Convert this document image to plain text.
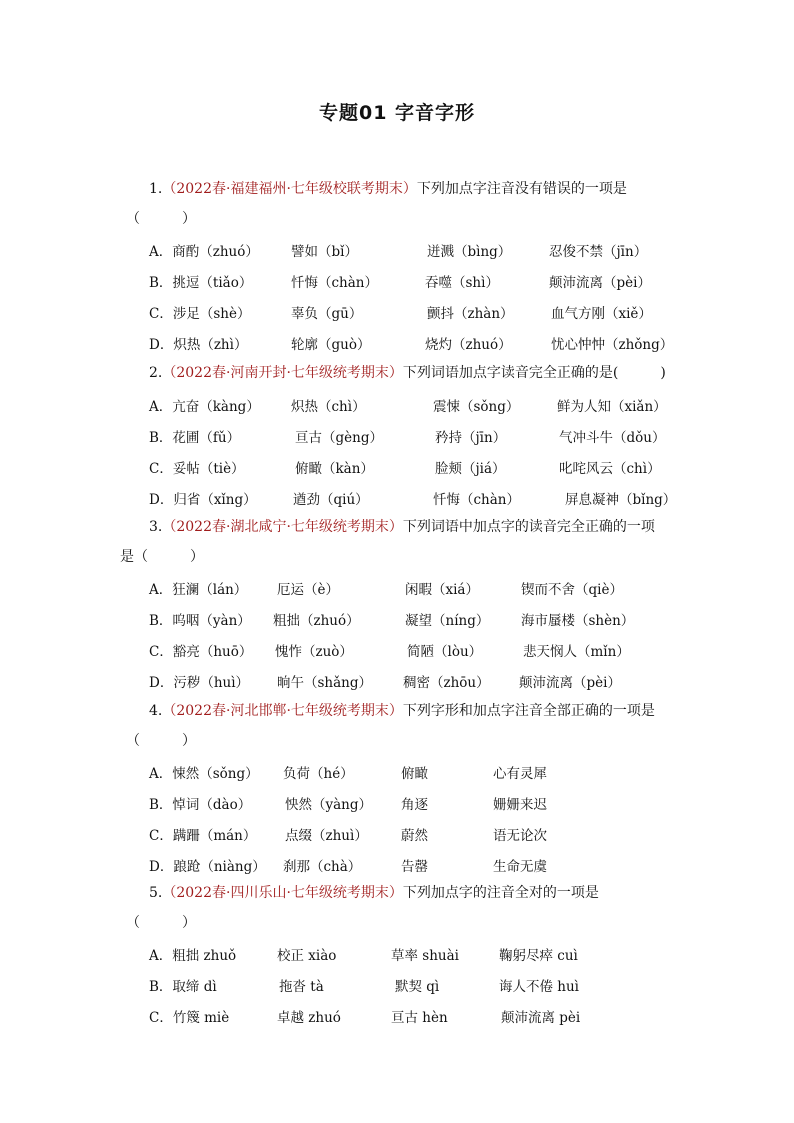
专题01 字音字形
1.（2022春·福建福州·七年级校联考期末）下列加点字注音没有错误的一项是
（　　　）
A．商酌（zhuó） 譬如（bǐ）	迸溅（bìng）	忍俊不禁（jīn）
B．挑逗（tiǎo）	忏悔（chàn）	吞噬（shì）	颠沛流离（pèi）
C．涉足（shè）	辜负（gū）	颤抖（zhàn）	血气方刚（xiě）
D．炽热（zhì）	轮廓（guò）	烧灼（zhuó）	忧心忡忡（zhǒng）
2.（2022春·河南开封·七年级统考期末）下列词语加点字读音完全正确的是(　　　)
A．亢奋（kàng） 炽热（chì）	震悚（sǒng）	鲜为人知（xiǎn）
B．花圃（fǔ）	亘古（gèng）	矜持（jīn）	气冲斗牛（dǒu）
C．妥帖（tiè）	俯瞰（kàn）	脸颊（jiá）	叱咤风云（chì）
D．归省（xǐng）	遒劲（qiú）	忏悔（chàn）	屏息凝神（bǐng）
3.（2022春·湖北咸宁·七年级统考期末）下列词语中加点字的读音完全正确的一项
是（　　　）
A．狂澜（lán） 厄运（è）	闲暇（xiá）	锲而不舍（qiè）
B．呜咽（yàn） 粗拙（zhuó）	凝望（níng） 海市蜃楼（shèn）
C．豁亮（huō） 愧怍（zuò）	简陋（lòu）	悲天悯人（mǐn）
D．污秽（huì） 晌午（shǎng） 稠密（zhōu） 颠沛流离（pèi）
4.（2022春·河北邯郸·七年级统考期末）下列字形和加点字注音全部正确的一项是
（　　　）
A．悚然（sǒng） 负荷（hé）	俯瞰	心有灵犀
B．悼词（dào）	怏然（yàng） 角逐	姗姗来迟
C．蹒跚（mán） 点缀（zhuì） 蔚然	语无论次
D．踉跄（niàng） 刹那（chà）	告罄	生命无虞
5.（2022春·四川乐山·七年级统考期末）下列加点字的注音全对的一项是
（　　　）
A．粗拙 zhuǒ	校正 xiào	草率 shuài	鞠躬尽瘁 cuì
B．取缔 dì	拖沓 tà	默契 qì	诲人不倦 huì
C．竹篾 miè	卓越 zhuó	亘古 hèn	颠沛流离 pèi
